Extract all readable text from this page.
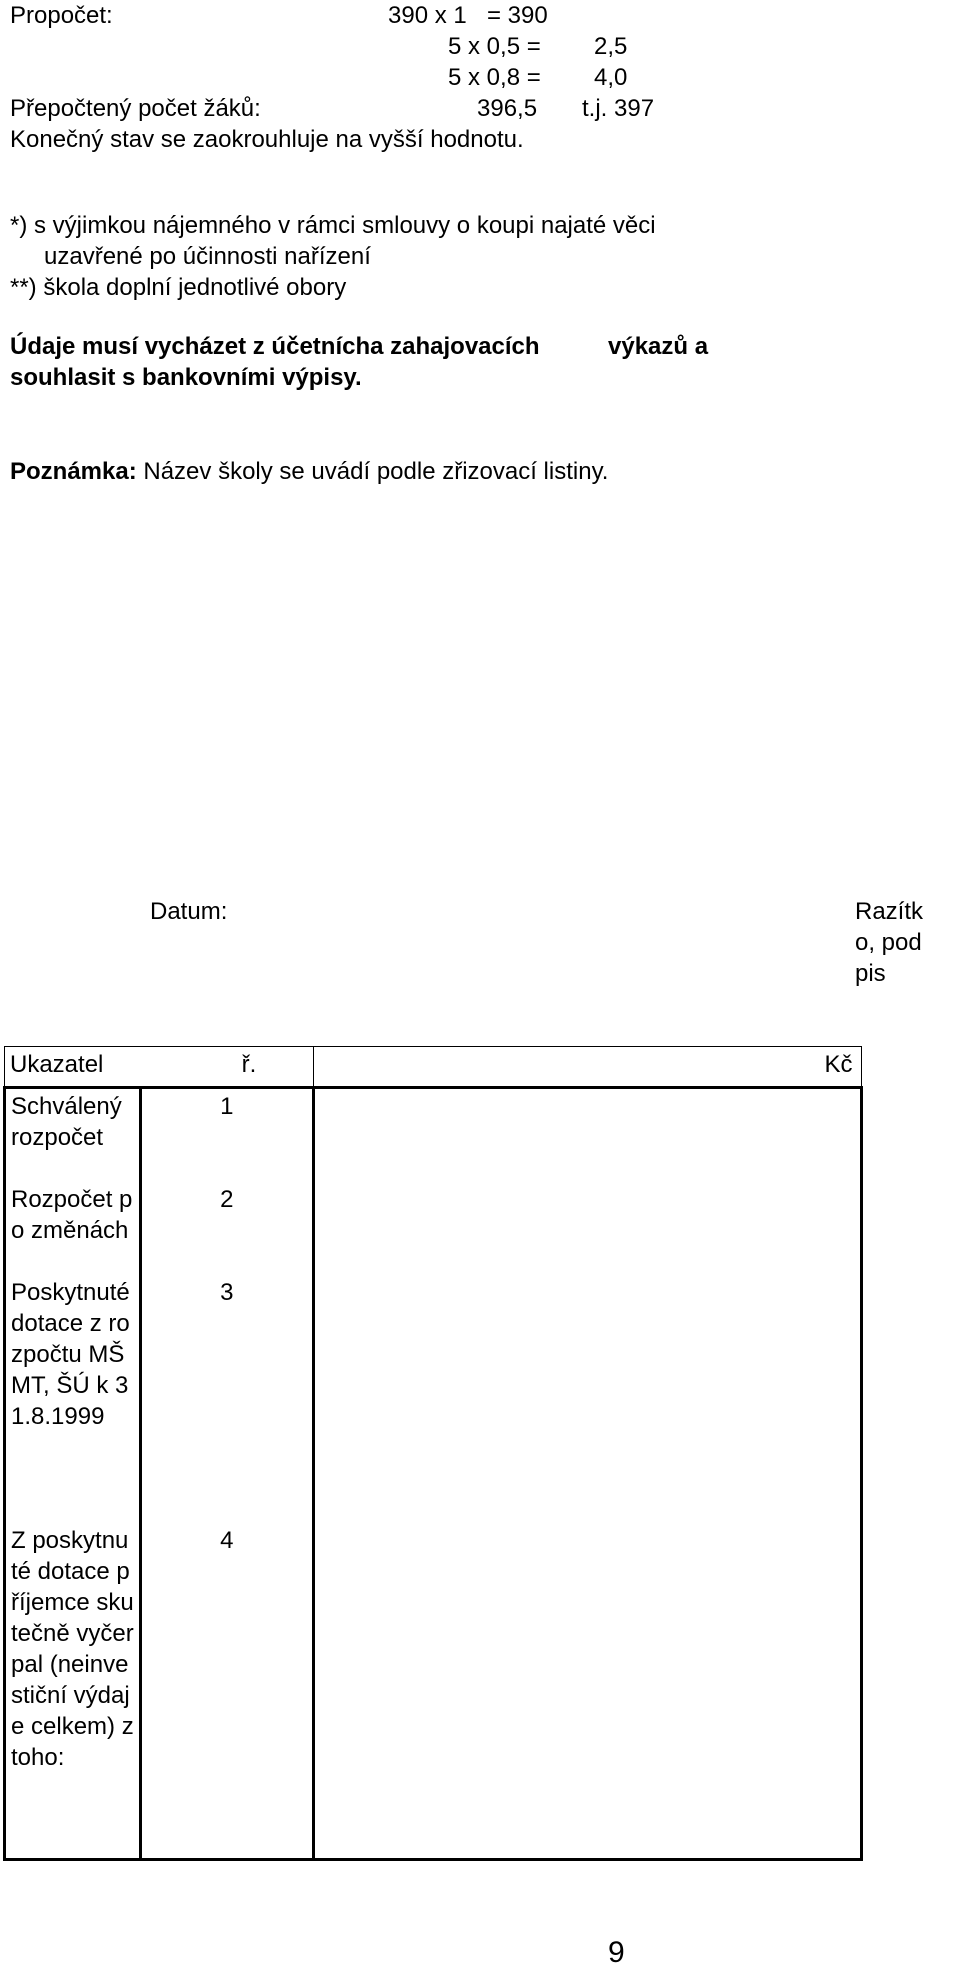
Propočet:	390 x 1 = 390
5 x 0,5 = 2,5
5 x 0,8 = 4,0
Přepočtený počet žáků:	396,5 t.j. 397
Konečný stav se zaokrouhluje na vyšší hodnotu.
*) s výjimkou nájemného v rámci smlouvy o koupi najaté věci
uzavřené po účinnosti nařízení
**) škola doplní jednotlivé obory
Údaje musí vycházet z účetnícha zahajovacích	výkazů a
souhlasit s bankovními výpisy.
Poznámka: Název školy se uvádí podle zřizovací listiny.
Datum:	Razítko, podpis
Ukazatel	ř.	Kč
Schválený rozpočet	1	
Rozpočet po změnách	2	
Poskytnuté dotace z rozpočtu MŠMT, ŠÚ k 31.8.1999	3	
Z poskytnuté dotace příjemce skutečně vyčerpal (neinvestiční výdaje celkem) z toho:	4	
9
